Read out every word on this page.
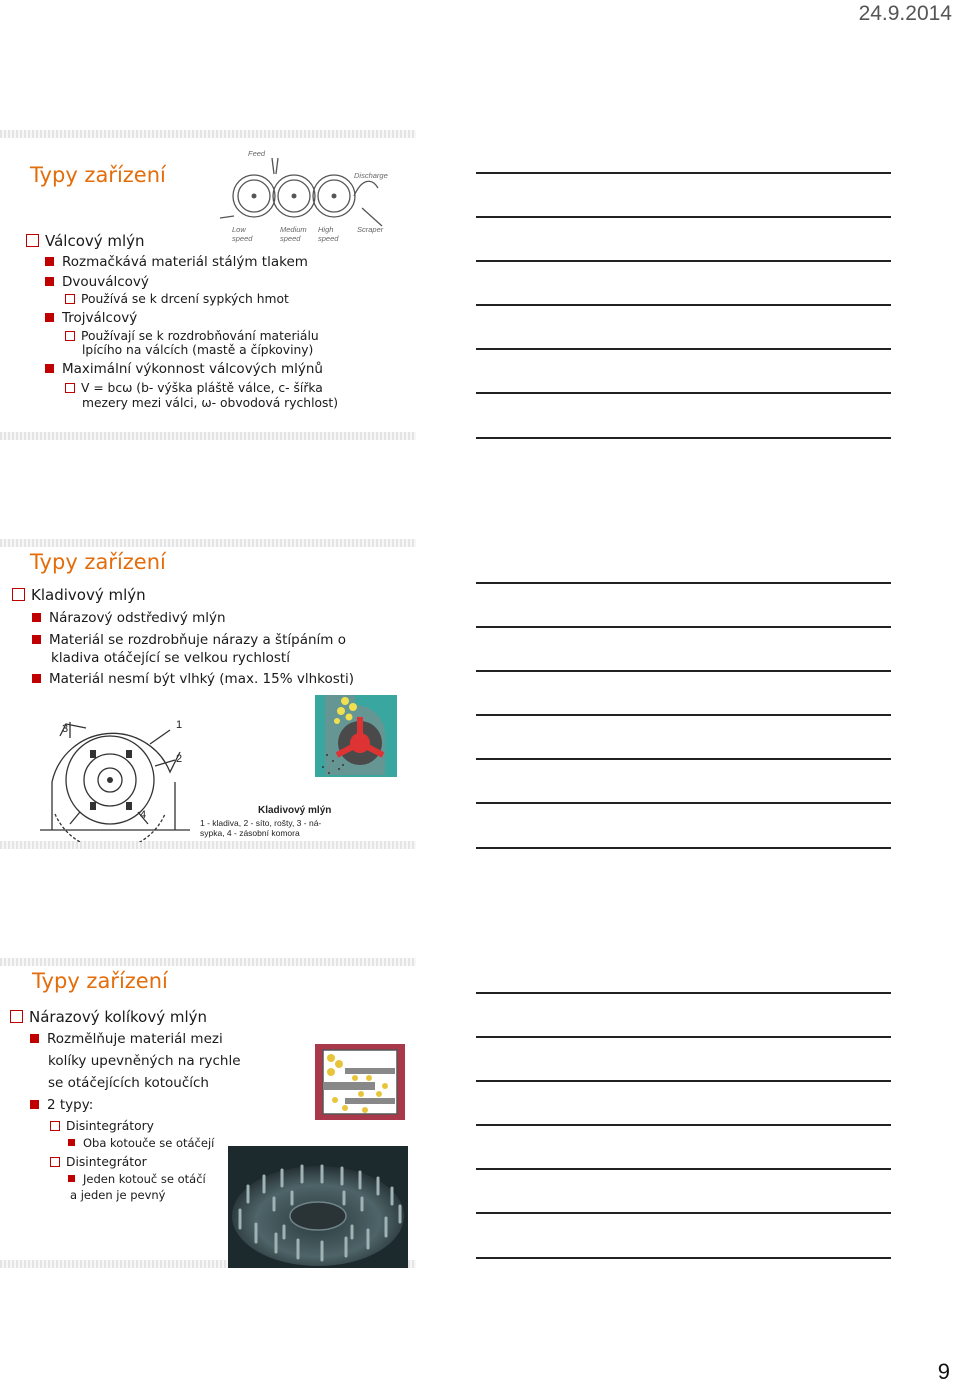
24.9.2014
Typy zařízení
Feed
Discharge
Low
speed
Medium
speed
High
speed
Scraper
Válcový mlýn
Rozmačkává materiál stálým tlakem
Dvouválcový
Používá se k drcení sypkých hmot
Trojválcový
Používají se k rozdrobňování materiálu
lpícího na válcích (mastě a čípkoviny)
Maximální výkonnost válcových mlýnů
V = bcω (b- výška pláště válce, c- šířka
mezery mezi válci, ω- obvodová rychlost)
Typy zařízení
Kladivový mlýn
Nárazový odstředivý mlýn
Materiál se rozdrobňuje nárazy a štípáním o
kladiva otáčející se velkou rychlostí
Materiál nesmí být vlhký (max. 15% vlhkosti)
3	1
2
4	Kladivový mlýn
1 - kladiva, 2 - síto, rošty, 3 - ná-
sypka, 4 - zásobní komora
Typy zařízení
Nárazový kolíkový mlýn
Rozmělňuje materiál mezi
kolíky upevněných na rychle
se otáčejících kotoučích
2 typy:
Disintegrátory
Oba kotouče se otáčejí
Disintegrátor
Jeden kotouč se otáčí
a jeden je pevný
9
